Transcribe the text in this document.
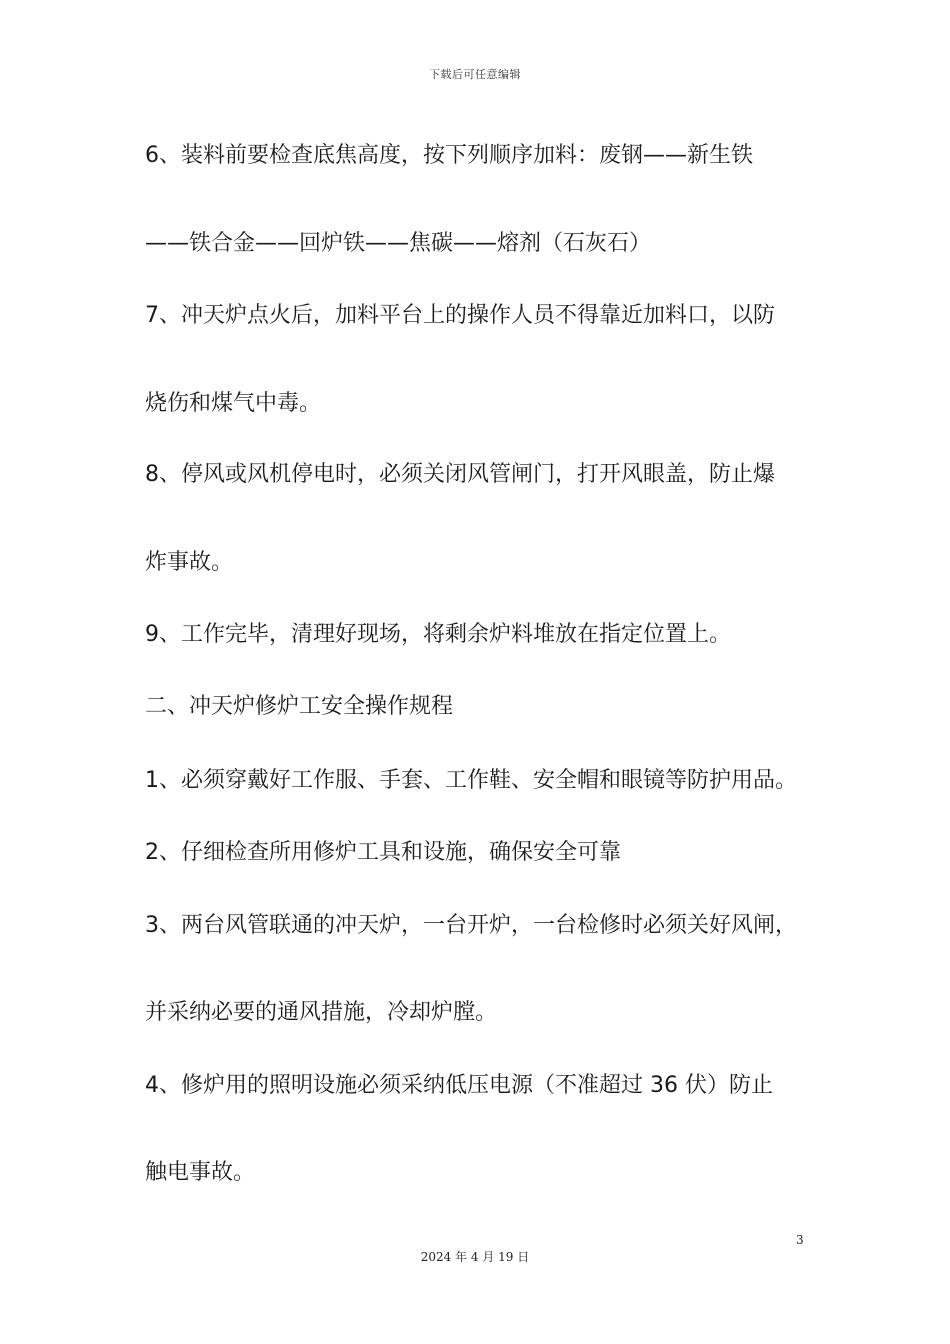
下载后可任意编辑
6、装料前要检查底焦高度，按下列顺序加料：废钢——新生铁
——铁合金——回炉铁——焦碳——熔剂（石灰石）
7、冲天炉点火后，加料平台上的操作人员不得靠近加料口，以防
烧伤和煤气中毒。
8、停风或风机停电时，必须关闭风管闸门，打开风眼盖，防止爆
炸事故。
9、工作完毕，清理好现场，将剩余炉料堆放在指定位置上。
二、冲天炉修炉工安全操作规程
1、必须穿戴好工作服、手套、工作鞋、安全帽和眼镜等防护用品。
2、仔细检查所用修炉工具和设施，确保安全可靠
3、两台风管联通的冲天炉，一台开炉，一台检修时必须关好风闸，
并采纳必要的通风措施，冷却炉膛。
4、修炉用的照明设施必须采纳低压电源（不准超过 36 伏）防止
触电事故。
3
2024 年 4 月 19 日
